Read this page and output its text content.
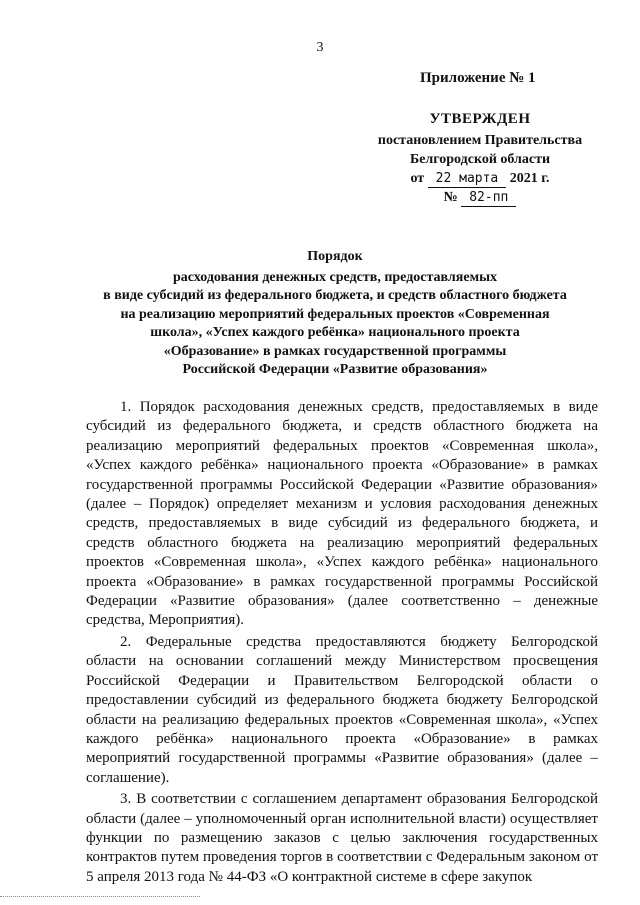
3
Приложение № 1
УТВЕРЖДЕН
постановлением Правительства
Белгородской области
от 22 марта 2021 г.
№ 82-пп
Порядок
расходования денежных средств, предоставляемых
в виде субсидий из федерального бюджета, и средств областного бюджета
на реализацию мероприятий федеральных проектов «Современная
школа», «Успех каждого ребёнка» национального проекта
«Образование» в рамках государственной программы
Российской Федерации «Развитие образования»

1. Порядок расходования денежных средств, предоставляемых в виде субсидий из федерального бюджета, и средств областного бюджета на реализацию мероприятий федеральных проектов «Современная школа», «Успех каждого ребёнка» национального проекта «Образование» в рамках государственной программы Российской Федерации «Развитие образования» (далее – Порядок) определяет механизм и условия расходования денежных средств, предоставляемых в виде субсидий из федерального бюджета, и средств областного бюджета на реализацию мероприятий федеральных проектов «Современная школа», «Успех каждого ребёнка» национального проекта «Образование» в рамках государственной программы Российской Федерации «Развитие образования» (далее соответственно – денежные средства, Мероприятия).

2. Федеральные средства предоставляются бюджету Белгородской области на основании соглашений между Министерством просвещения Российской Федерации и Правительством Белгородской области о предоставлении субсидий из федерального бюджета бюджету Белгородской области на реализацию федеральных проектов «Современная школа», «Успех каждого ребёнка» национального проекта «Образование» в рамках мероприятий государственной программы «Развитие образования» (далее – соглашение).

3. В соответствии с соглашением департамент образования Белгородской области (далее – уполномоченный орган исполнительной власти) осуществляет функции по размещению заказов с целью заключения государственных контрактов путем проведения торгов в соответствии с Федеральным законом от 5 апреля 2013 года № 44-ФЗ «О контрактной системе в сфере закупок
